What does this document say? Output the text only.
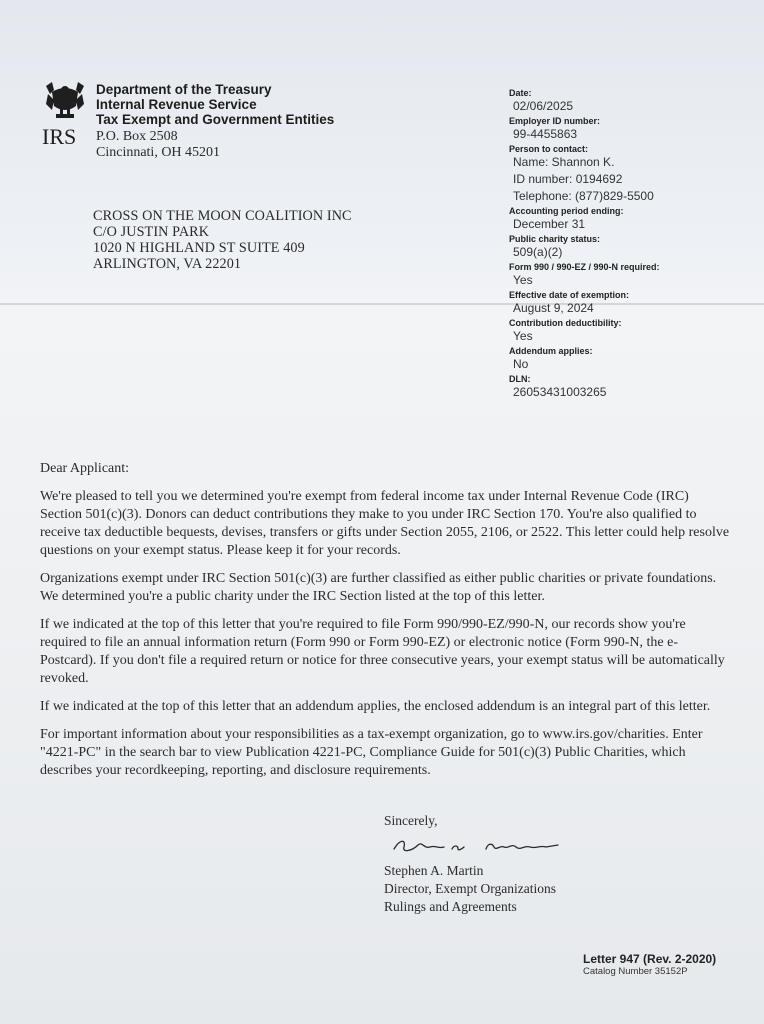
IRS
Department of the Treasury
Internal Revenue Service
Tax Exempt and Government Entities
P.O. Box 2508
Cincinnati, OH 45201
CROSS ON THE MOON COALITION INC
C/O JUSTIN PARK
1020 N HIGHLAND ST SUITE 409
ARLINGTON, VA 22201
Date:
02/06/2025
Employer ID number:
99-4455863
Person to contact:
Name: Shannon K.
ID number: 0194692
Telephone: (877)829-5500
Accounting period ending:
December 31
Public charity status:
509(a)(2)
Form 990 / 990-EZ / 990-N required:
Yes
Effective date of exemption:
August 9, 2024
Contribution deductibility:
Yes
Addendum applies:
No
DLN:
26053431003265
Dear Applicant:

We're pleased to tell you we determined you're exempt from federal income tax under Internal Revenue Code (IRC) Section 501(c)(3). Donors can deduct contributions they make to you under IRC Section 170. You're also qualified to receive tax deductible bequests, devises, transfers or gifts under Section 2055, 2106, or 2522. This letter could help resolve questions on your exempt status. Please keep it for your records.

Organizations exempt under IRC Section 501(c)(3) are further classified as either public charities or private foundations. We determined you're a public charity under the IRC Section listed at the top of this letter.

If we indicated at the top of this letter that you're required to file Form 990/990-EZ/990-N, our records show you're required to file an annual information return (Form 990 or Form 990-EZ) or electronic notice (Form 990-N, the e-Postcard). If you don't file a required return or notice for three consecutive years, your exempt status will be automatically revoked.

If we indicated at the top of this letter that an addendum applies, the enclosed addendum is an integral part of this letter.

For important information about your responsibilities as a tax-exempt organization, go to www.irs.gov/charities. Enter "4221-PC" in the search bar to view Publication 4221-PC, Compliance Guide for 501(c)(3) Public Charities, which describes your recordkeeping, reporting, and disclosure requirements.

Sincerely,
Stephen A. Martin
Director, Exempt Organizations
Rulings and Agreements
Letter 947 (Rev. 2-2020)
Catalog Number 35152P
